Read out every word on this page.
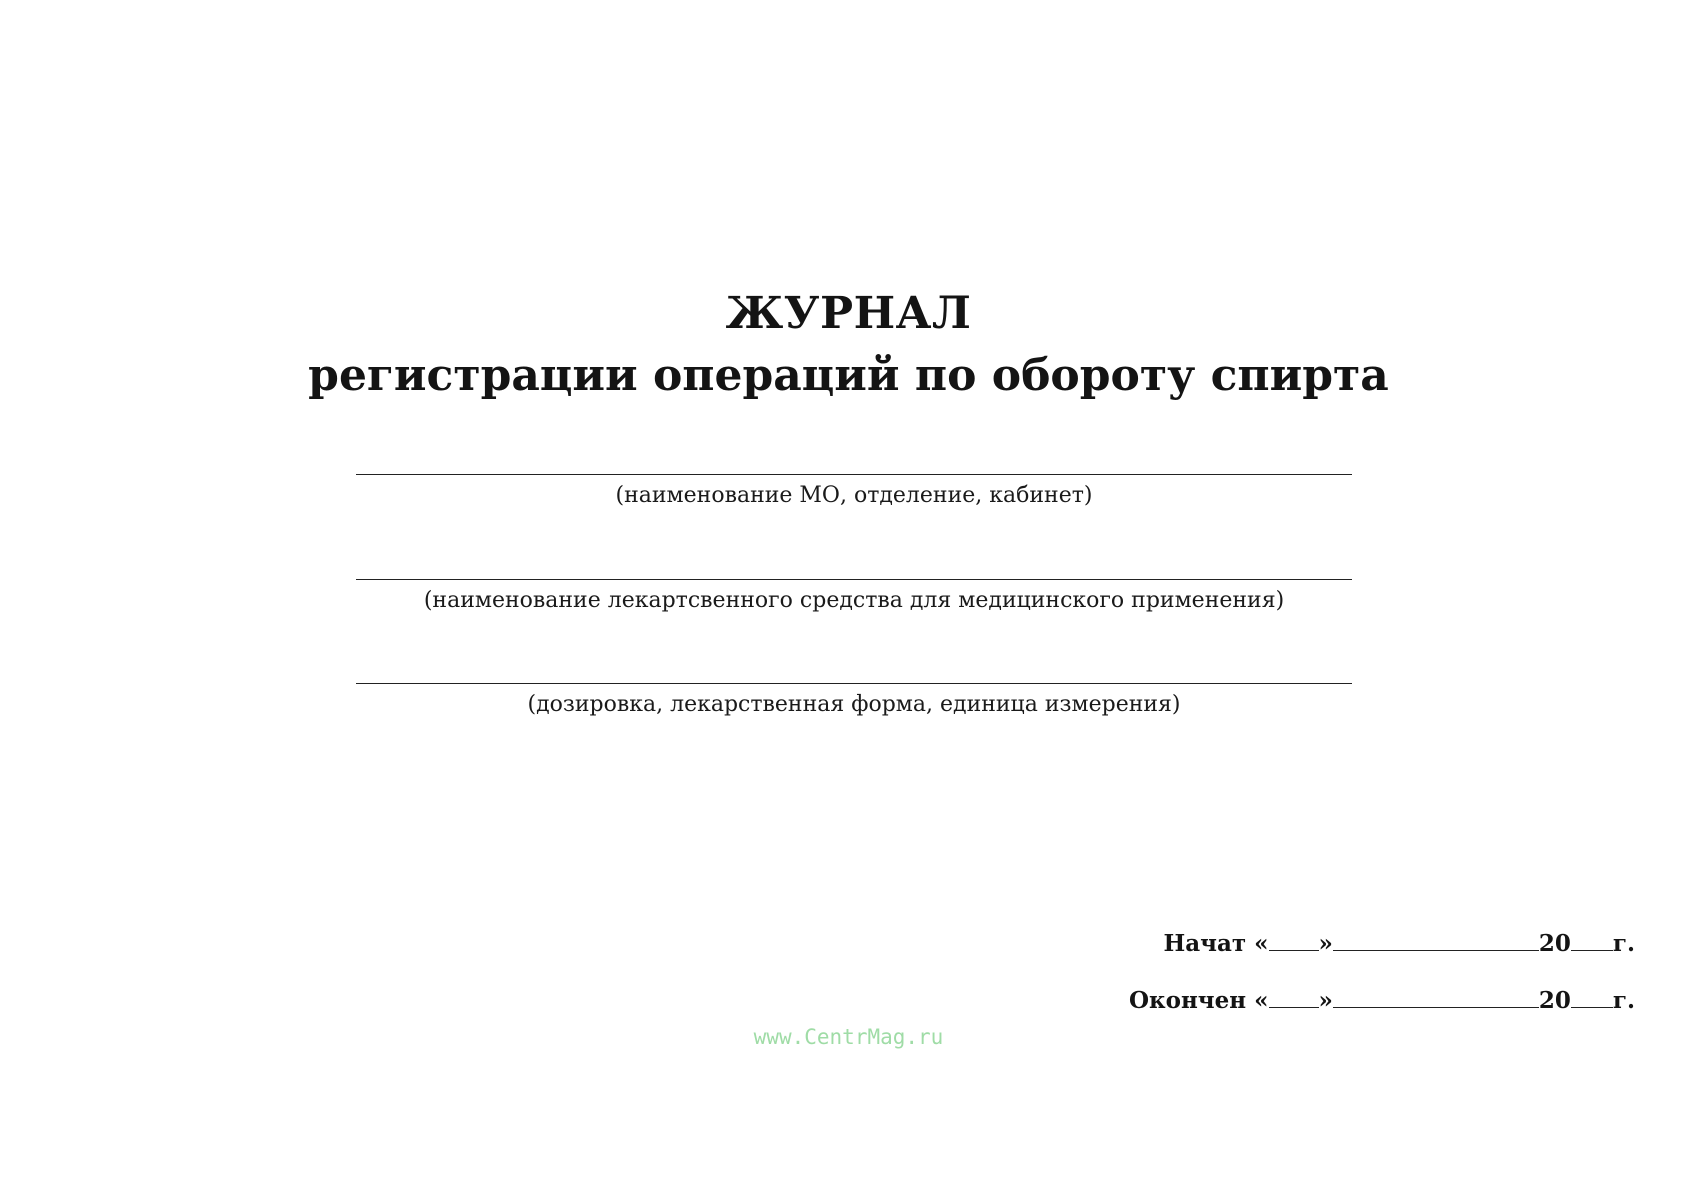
ЖУРНАЛ
регистрации операций по обороту спирта
(наименование МО, отделение, кабинет)
(наименование лекартсвенного средства для медицинского применения)
(дозировка, лекарственная форма, единица измерения)
Начат
« »	20 г.
Окончен
« »	20 г.
www.CentrMag.ru
